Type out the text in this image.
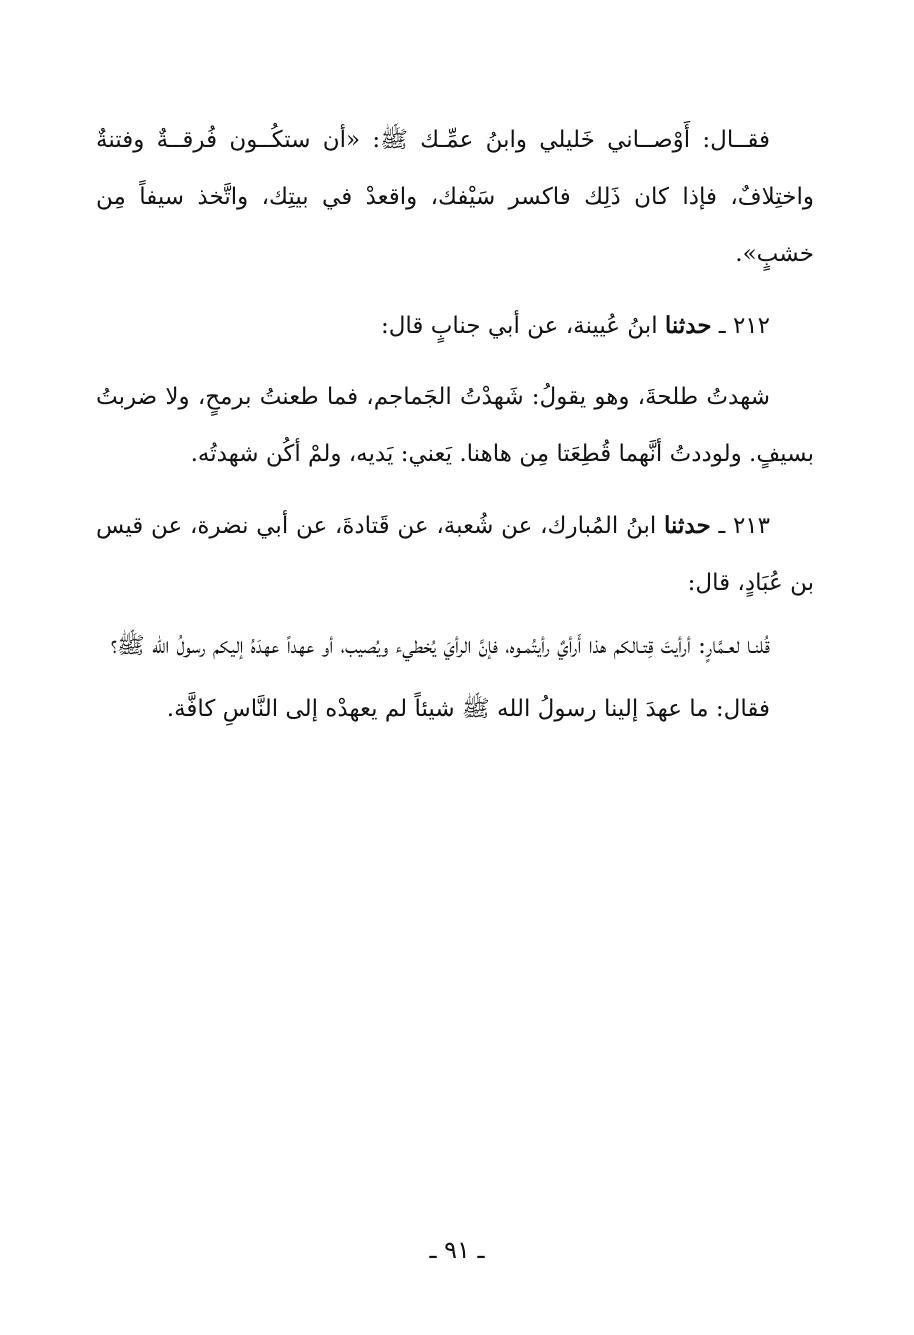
فقــال: أَوْصــاني خَليلي وابنُ عمِّـك ﷺ: «أن ستكُــون فُرقــةٌ وفتنةٌ واختِلافٌ، فإذا كان ذَلِك فاكسر سَيْفك، واقعدْ في بيتِك، واتَّخذ سيفاً مِن خشبٍ».

٢١٢ ـ حدثنا ابنُ عُيينة، عن أبي جنابٍ قال:

شهدتُ طلحةَ، وهو يقولُ: شَهدْتُ الجَماجم، فما طعنتُ برمحٍ، ولا ضربتُ بسيفٍ. ولوددتُ أنَّهما قُطِعَتا مِن هاهنا. يَعني: يَديه، ولمْ أكُن شهدتُه.

٢١٣ ـ حدثنا ابنُ المُبارك، عن شُعبة، عن قَتادةَ، عن أبي نضرة، عن قيس بن عُبَادٍ، قال:

قُلنـا لعـمَّارٍ: أرأيتَ قِتـالكم هذا أَرأيٌ رأيتُمـوه، فإنَّ الرأيَ يُخطيء ويُصيب، أو عهداً عهدَهُ إليكم رسولُ الله ﷺ؟

فقال: ما عهدَ إلينا رسولُ الله ﷺ شيئاً لم يعهدْه إلى النَّاسِ كافَّة.

ـ ٩١ ـ
